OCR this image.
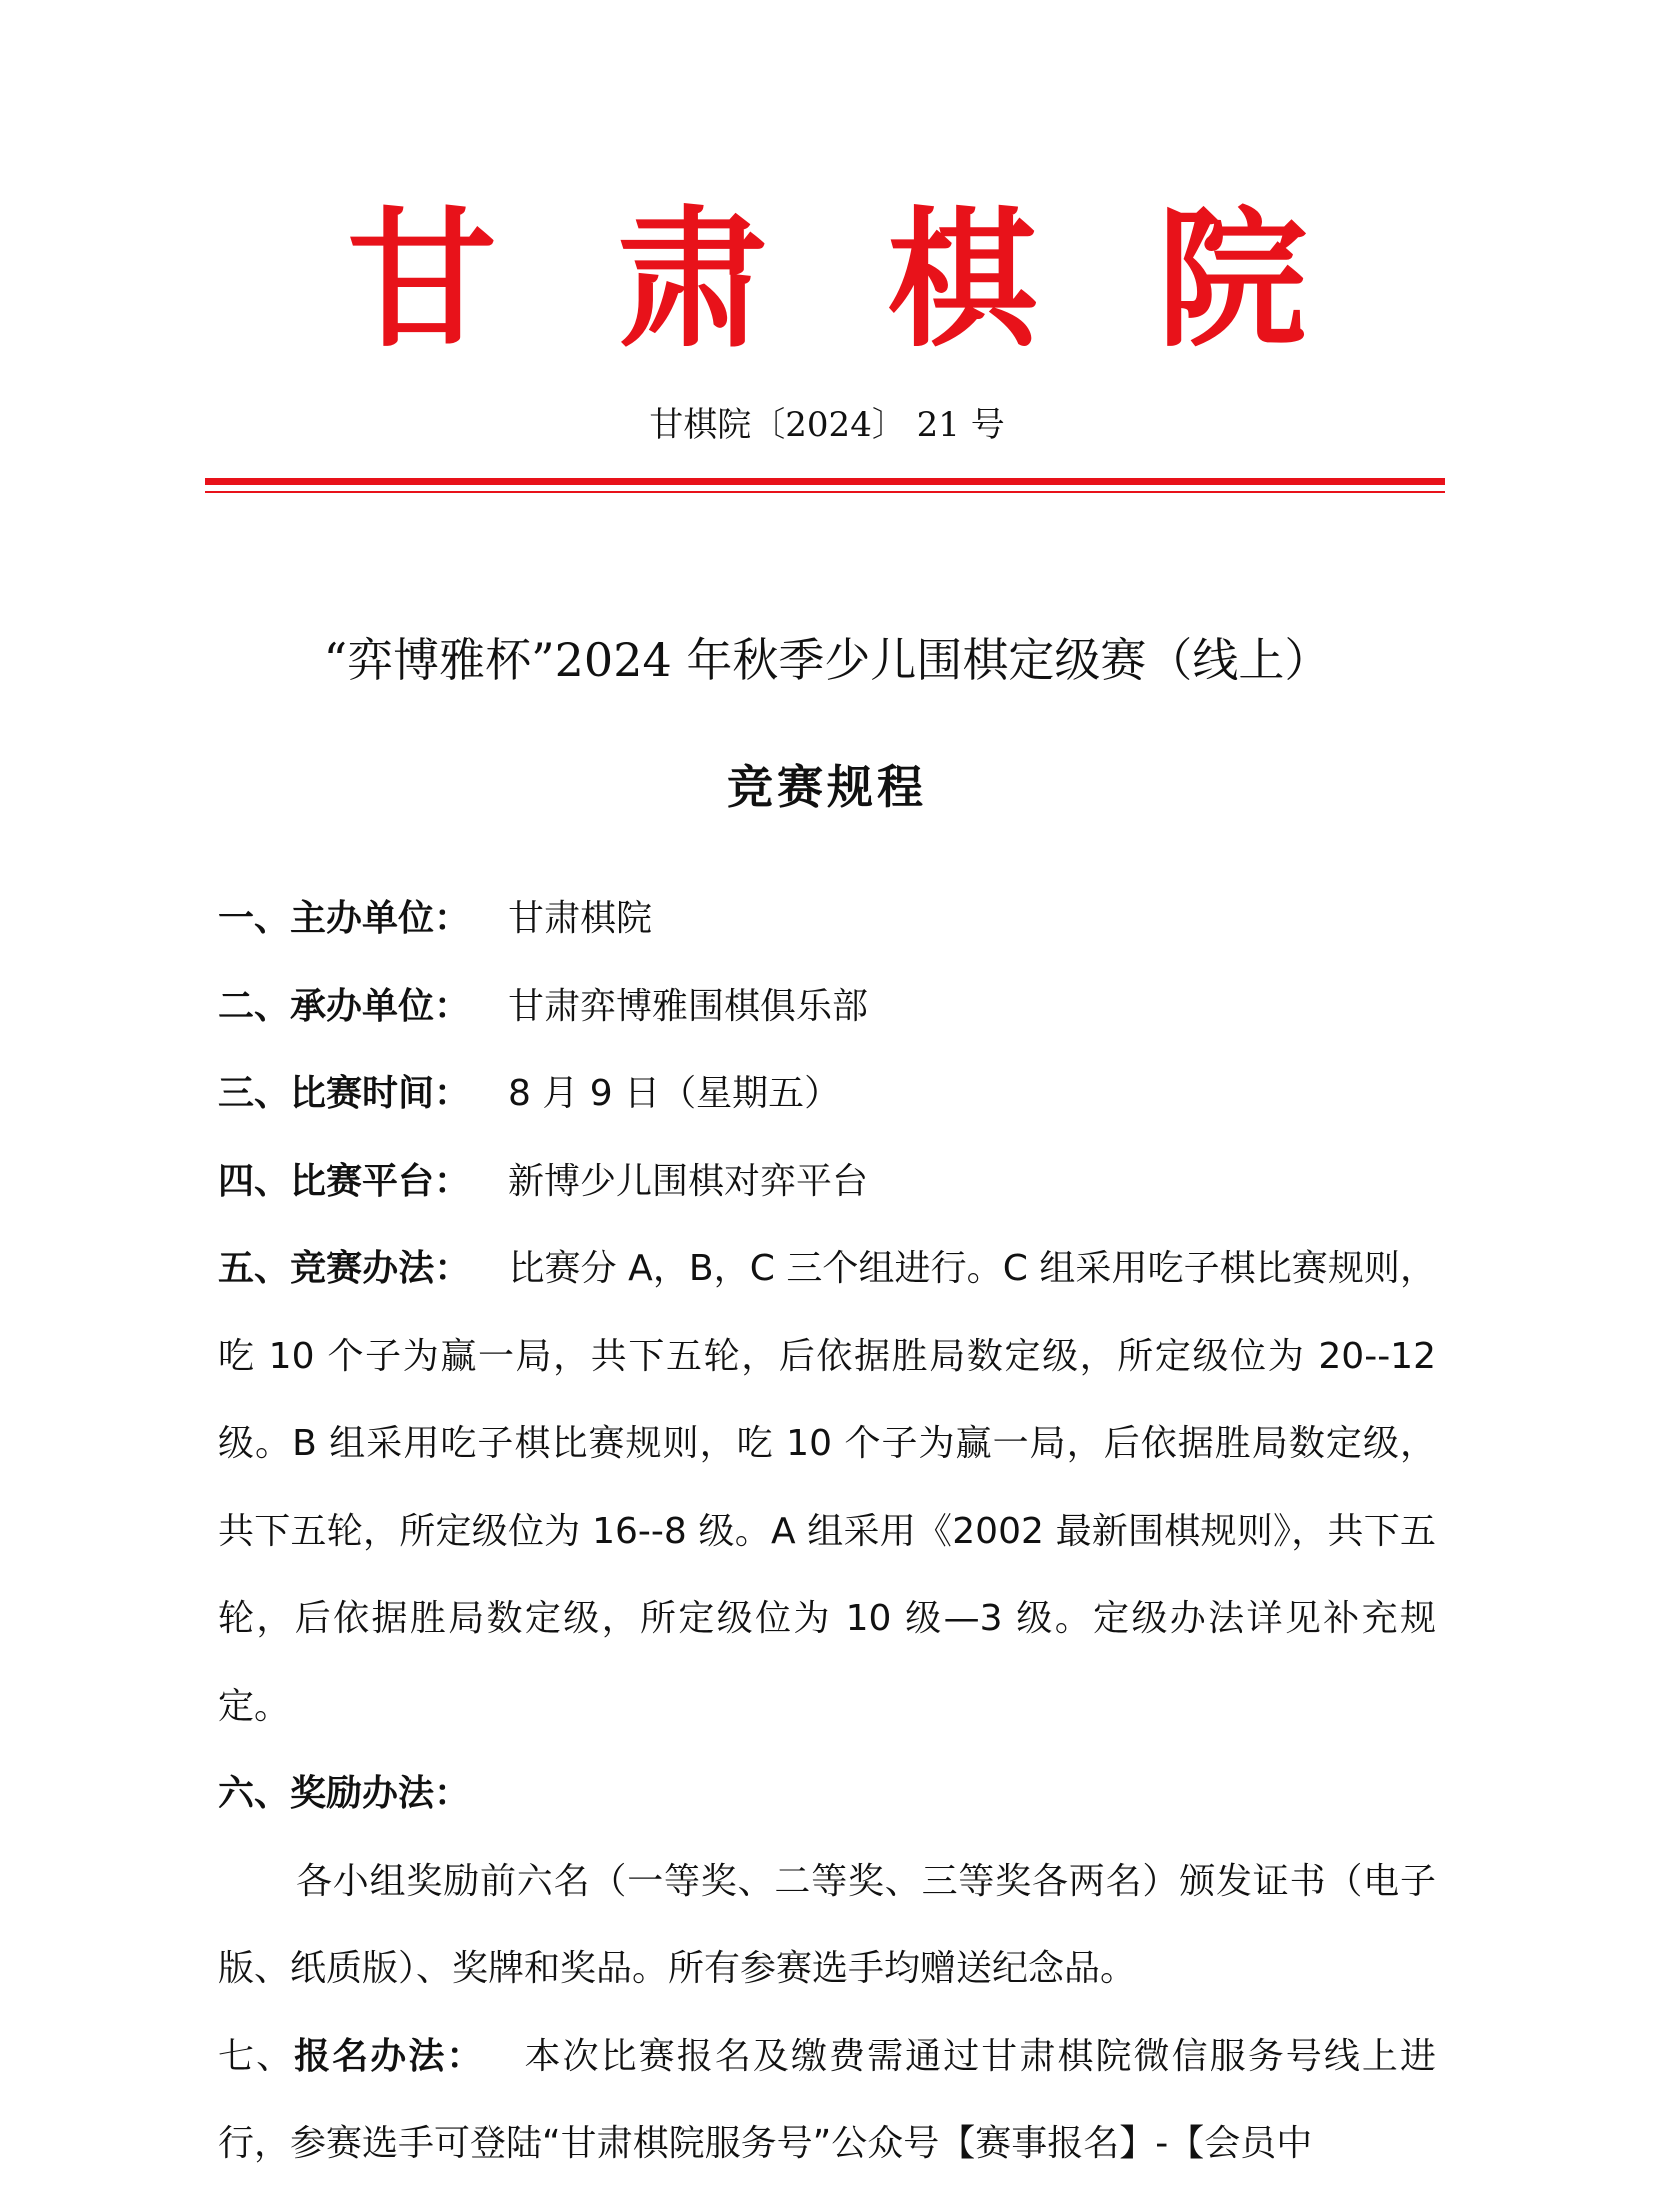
甘肃棋院
甘棋院〔2024〕 21 号
“弈博雅杯”2024 年秋季少儿围棋定级赛（线上）
竞赛规程

一、主办单位： 甘肃棋院

二、承办单位： 甘肃弈博雅围棋俱乐部

三、比赛时间： 8 月 9 日（星期五）

四、比赛平台： 新博少儿围棋对弈平台

五、竞赛办法： 比赛分 A，B，C 三个组进行。C 组采用吃子棋比赛规则，吃 10 个子为赢一局，共下五轮，后依据胜局数定级，所定级位为 20--12 级。B 组采用吃子棋比赛规则，吃 10 个子为赢一局，后依据胜局数定级，共下五轮，所定级位为 16--8 级。A 组采用《2002 最新围棋规则》，共下五轮，后依据胜局数定级，所定级位为 10 级—3 级。定级办法详见补充规定。

六、奖励办法：

各小组奖励前六名（一等奖、二等奖、三等奖各两名）颁发证书（电子版、纸质版）、奖牌和奖品。所有参赛选手均赠送纪念品。

七、报名办法： 本次比赛报名及缴费需通过甘肃棋院微信服务号线上进行，参赛选手可登陆“甘肃棋院服务号”公众号【赛事报名】-【会员中
